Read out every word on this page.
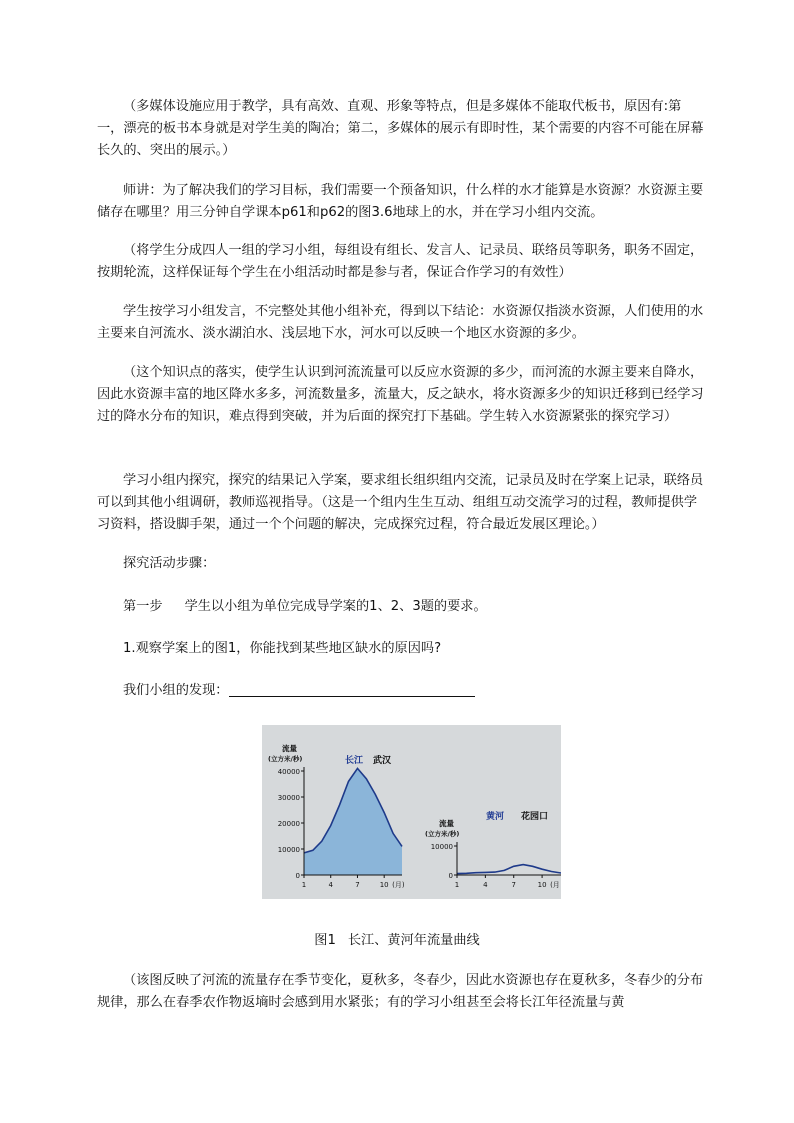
（多媒体设施应用于教学，具有高效、直观、形象等特点，但是多媒体不能取代板书，原因有:第一，漂亮的板书本身就是对学生美的陶冶；第二，多媒体的展示有即时性，某个需要的内容不可能在屏幕长久的、突出的展示。）

师讲：为了解决我们的学习目标，我们需要一个预备知识，什么样的水才能算是水资源？水资源主要储存在哪里？用三分钟自学课本p61和p62的图3.6地球上的水，并在学习小组内交流。

（将学生分成四人一组的学习小组，每组设有组长、发言人、记录员、联络员等职务，职务不固定，按期轮流，这样保证每个学生在小组活动时都是参与者，保证合作学习的有效性）

学生按学习小组发言，不完整处其他小组补充，得到以下结论：水资源仅指淡水资源，人们使用的水主要来自河流水、淡水湖泊水、浅层地下水，河水可以反映一个地区水资源的多少。

（这个知识点的落实，使学生认识到河流流量可以反应水资源的多少，而河流的水源主要来自降水，因此水资源丰富的地区降水多多，河流数量多，流量大，反之缺水，将水资源多少的知识迁移到已经学习过的降水分布的知识，难点得到突破，并为后面的探究打下基础。学生转入水资源紧张的探究学习）

学习小组内探究，探究的结果记入学案，要求组长组织组内交流，记录员及时在学案上记录，联络员可以到其他小组调研，教师巡视指导。（这是一个组内生生互动、组组互动交流学习的过程，教师提供学习资料，搭设脚手架，通过一个个问题的解决，完成探究过程，符合最近发展区理论。）

探究活动步骤：

第一步 学生以小组为单位完成导学案的1、2、3题的要求。

1.观察学案上的图1，你能找到某些地区缺水的原因吗?

我们小组的发现：

0
10000
20000
30000
40000
1	4	7	10 (月)
流量
(立方米/秒)	长江 武汉
0
10000
1	4	7	10 (月
流量
(立方米/秒)
黄河 花园口

图1 长江、黄河年流量曲线

（该图反映了河流的流量存在季节变化，夏秋多，冬春少，因此水资源也存在夏秋多，冬春少的分布规律，那么在春季农作物返墒时会感到用水紧张；有的学习小组甚至会将长江年径流量与黄
